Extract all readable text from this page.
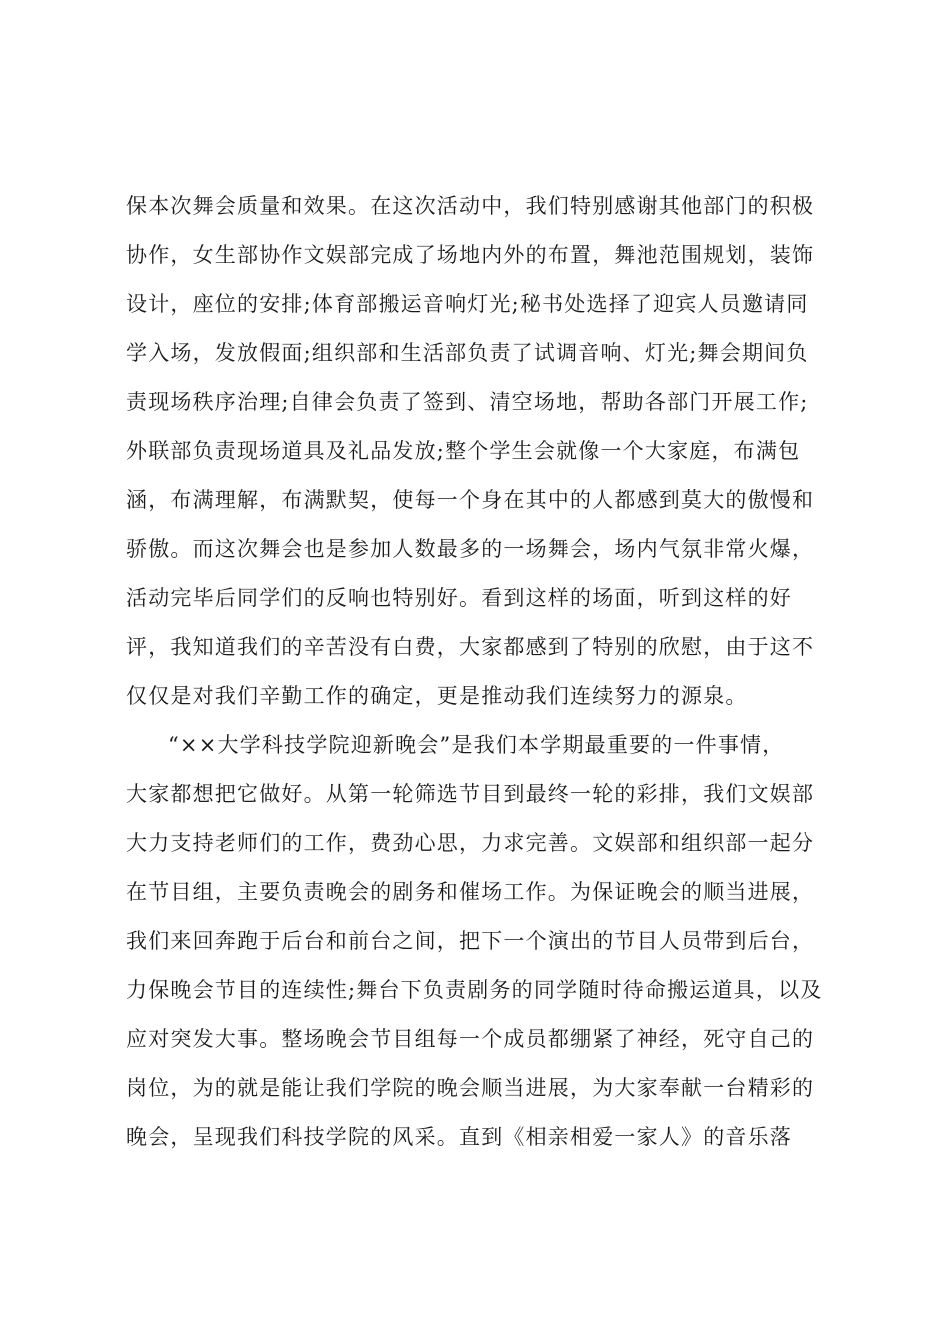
保本次舞会质量和效果。在这次活动中，我们特别感谢其他部门的积极
协作，女生部协作文娱部完成了场地内外的布置，舞池范围规划，装饰
设计，座位的安排;体育部搬运音响灯光;秘书处选择了迎宾人员邀请同
学入场，发放假面;组织部和生活部负责了试调音响、灯光;舞会期间负
责现场秩序治理;自律会负责了签到、清空场地，帮助各部门开展工作;
外联部负责现场道具及礼品发放;整个学生会就像一个大家庭，布满包
涵，布满理解，布满默契，使每一个身在其中的人都感到莫大的傲慢和
骄傲。而这次舞会也是参加人数最多的一场舞会，场内气氛非常火爆，
活动完毕后同学们的反响也特别好。看到这样的场面，听到这样的好
评，我知道我们的辛苦没有白费，大家都感到了特别的欣慰，由于这不
仅仅是对我们辛勤工作的确定，更是推动我们连续努力的源泉。
“××大学科技学院迎新晚会”是我们本学期最重要的一件事情，
大家都想把它做好。从第一轮筛选节目到最终一轮的彩排，我们文娱部
大力支持老师们的工作，费劲心思，力求完善。文娱部和组织部一起分
在节目组，主要负责晚会的剧务和催场工作。为保证晚会的顺当进展，
我们来回奔跑于后台和前台之间，把下一个演出的节目人员带到后台，
力保晚会节目的连续性;舞台下负责剧务的同学随时待命搬运道具，以及
应对突发大事。整场晚会节目组每一个成员都绷紧了神经，死守自己的
岗位，为的就是能让我们学院的晚会顺当进展，为大家奉献一台精彩的
晚会，呈现我们科技学院的风采。直到《相亲相爱一家人》的音乐落
